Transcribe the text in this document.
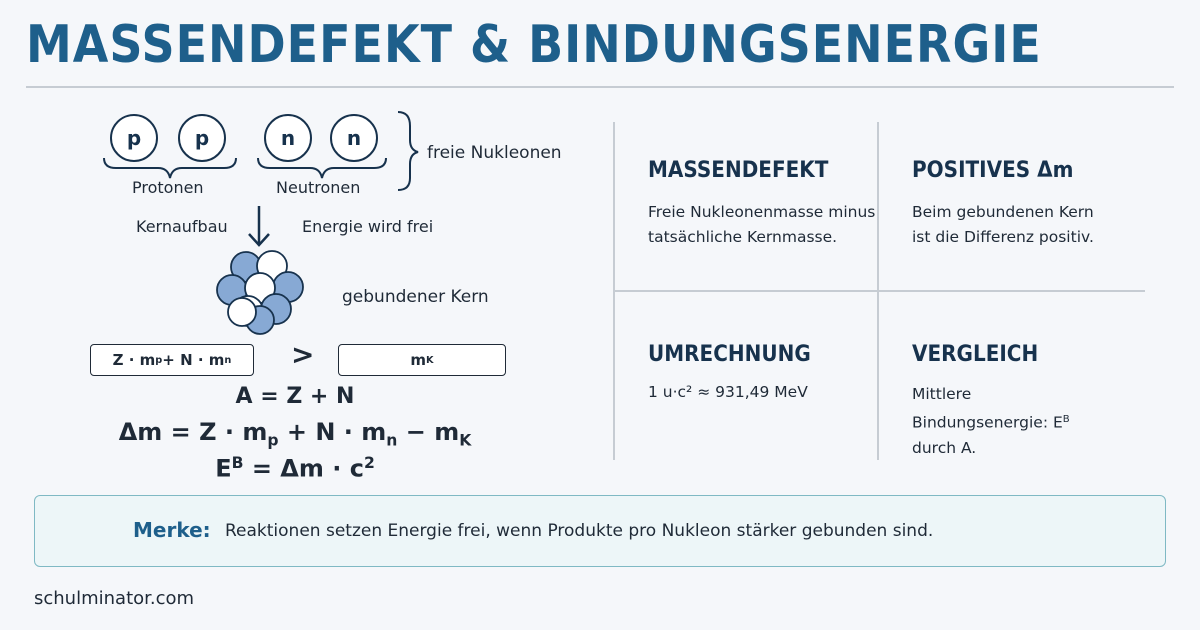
MASSENDEFEKT & BINDUNGSENERGIE
p	p	n	n
Protonen	Neutronen
freie Nukleonen
Kernaufbau	Energie wird frei
gebundener Kern
Z · m p + N · m n >	m K
A = Z + N
$\Delta m = Z \cdot m_p + N \cdot m_n - m_K$
$E^B = \Delta m \cdot c^2$
MASSENDEFEKT
Freie Nukleonenmasse minus tatsächliche Kernmasse.
POSITIVES Δm
Beim gebundenen Kern ist die Differenz positiv.
UMRECHNUNG
1 u·c² ≈ 931,49 MeV
VERGLEICH
Mittlere Bindungsenergie: $E^B$ durch A.
Merke: Reaktionen setzen Energie frei, wenn Produkte pro Nukleon stärker gebunden sind.
schulminator.com
